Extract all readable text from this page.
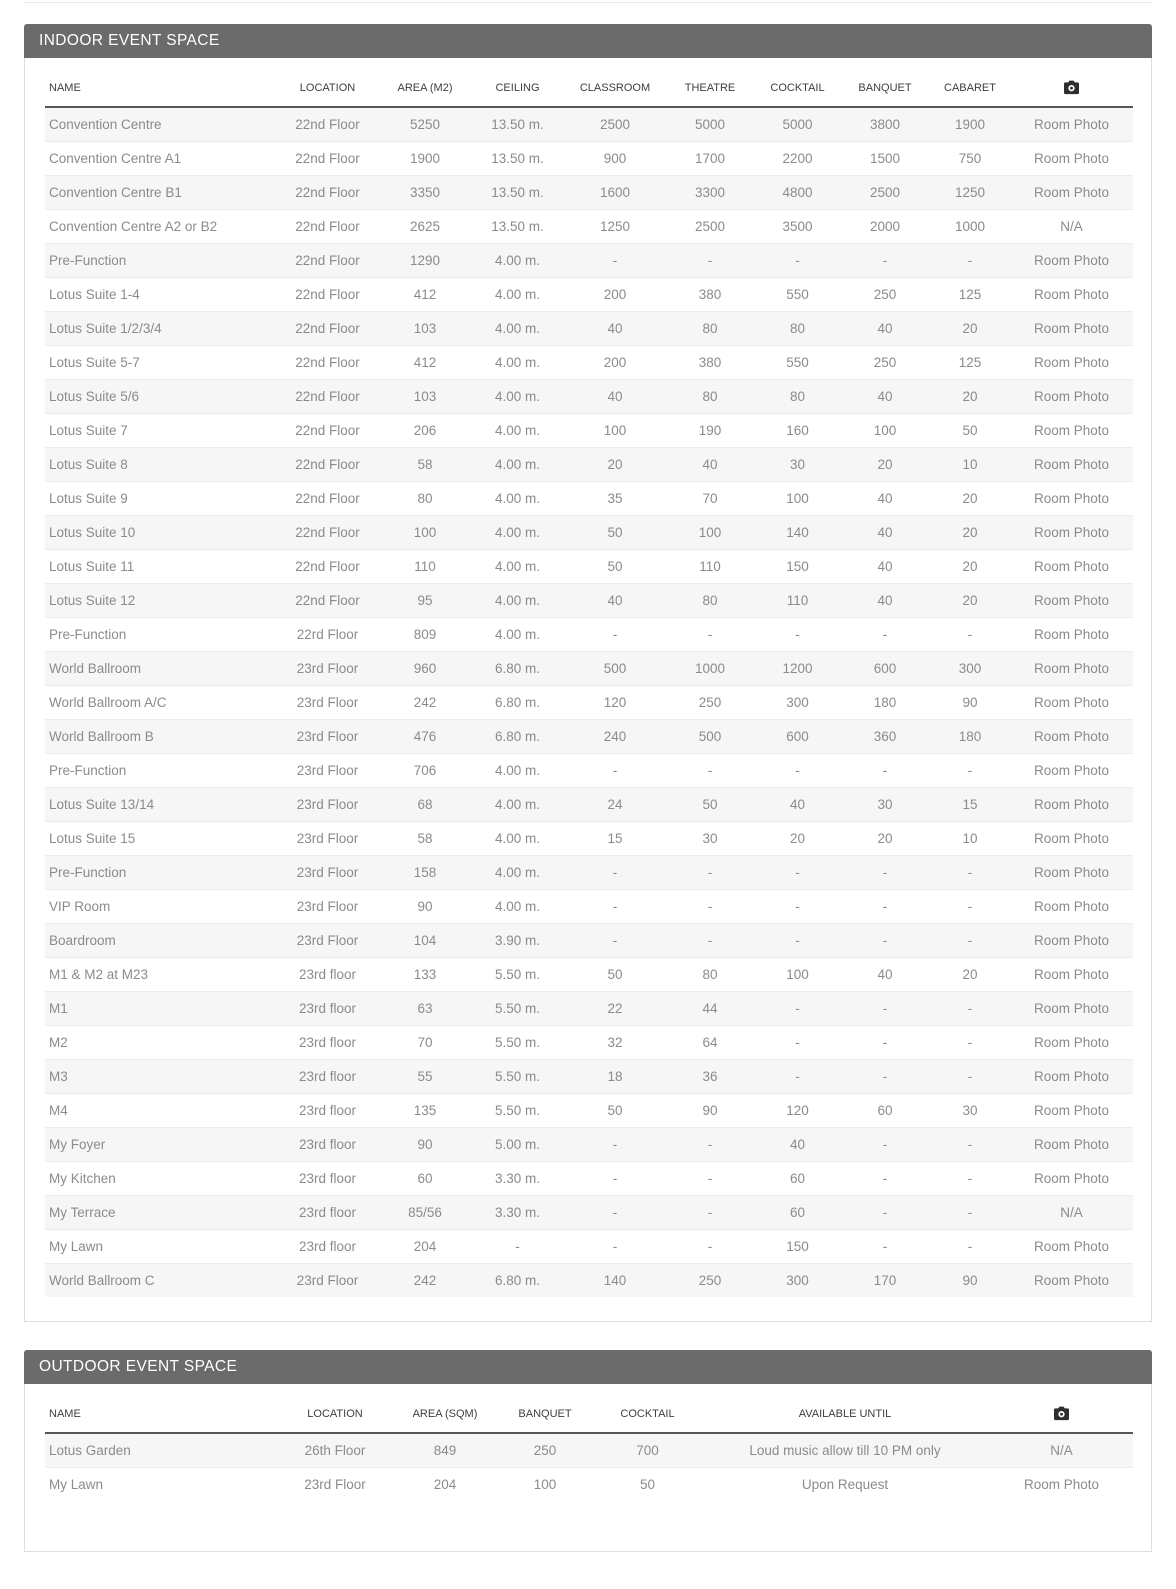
INDOOR EVENT SPACE
NAME	LOCATION	AREA (M2)	CEILING	CLASSROOM	THEATRE	COCKTAIL	BANQUET	CABARET	
Convention Centre	22nd Floor	5250	13.50 m.	2500	5000	5000	3800	1900	Room Photo
Convention Centre A1	22nd Floor	1900	13.50 m.	900	1700	2200	1500	750	Room Photo
Convention Centre B1	22nd Floor	3350	13.50 m.	1600	3300	4800	2500	1250	Room Photo
Convention Centre A2 or B2	22nd Floor	2625	13.50 m.	1250	2500	3500	2000	1000	N/A
Pre-Function	22nd Floor	1290	4.00 m.	-	-	-	-	-	Room Photo
Lotus Suite 1-4	22nd Floor	412	4.00 m.	200	380	550	250	125	Room Photo
Lotus Suite 1/2/3/4	22nd Floor	103	4.00 m.	40	80	80	40	20	Room Photo
Lotus Suite 5-7	22nd Floor	412	4.00 m.	200	380	550	250	125	Room Photo
Lotus Suite 5/6	22nd Floor	103	4.00 m.	40	80	80	40	20	Room Photo
Lotus Suite 7	22nd Floor	206	4.00 m.	100	190	160	100	50	Room Photo
Lotus Suite 8	22nd Floor	58	4.00 m.	20	40	30	20	10	Room Photo
Lotus Suite 9	22nd Floor	80	4.00 m.	35	70	100	40	20	Room Photo
Lotus Suite 10	22nd Floor	100	4.00 m.	50	100	140	40	20	Room Photo
Lotus Suite 11	22nd Floor	110	4.00 m.	50	110	150	40	20	Room Photo
Lotus Suite 12	22nd Floor	95	4.00 m.	40	80	110	40	20	Room Photo
Pre-Function	22rd Floor	809	4.00 m.	-	-	-	-	-	Room Photo
World Ballroom	23rd Floor	960	6.80 m.	500	1000	1200	600	300	Room Photo
World Ballroom A/C	23rd Floor	242	6.80 m.	120	250	300	180	90	Room Photo
World Ballroom B	23rd Floor	476	6.80 m.	240	500	600	360	180	Room Photo
Pre-Function	23rd Floor	706	4.00 m.	-	-	-	-	-	Room Photo
Lotus Suite 13/14	23rd Floor	68	4.00 m.	24	50	40	30	15	Room Photo
Lotus Suite 15	23rd Floor	58	4.00 m.	15	30	20	20	10	Room Photo
Pre-Function	23rd Floor	158	4.00 m.	-	-	-	-	-	Room Photo
VIP Room	23rd Floor	90	4.00 m.	-	-	-	-	-	Room Photo
Boardroom	23rd Floor	104	3.90 m.	-	-	-	-	-	Room Photo
M1 & M2 at M23	23rd floor	133	5.50 m.	50	80	100	40	20	Room Photo
M1	23rd floor	63	5.50 m.	22	44	-	-	-	Room Photo
M2	23rd floor	70	5.50 m.	32	64	-	-	-	Room Photo
M3	23rd floor	55	5.50 m.	18	36	-	-	-	Room Photo
M4	23rd floor	135	5.50 m.	50	90	120	60	30	Room Photo
My Foyer	23rd floor	90	5.00 m.	-	-	40	-	-	Room Photo
My Kitchen	23rd floor	60	3.30 m.	-	-	60	-	-	Room Photo
My Terrace	23rd floor	85/56	3.30 m.	-	-	60	-	-	N/A
My Lawn	23rd floor	204	-	-	-	150	-	-	Room Photo
World Ballroom C	23rd Floor	242	6.80 m.	140	250	300	170	90	Room Photo
OUTDOOR EVENT SPACE
NAME	LOCATION	AREA (SQM)	BANQUET	COCKTAIL	AVAILABLE UNTIL	
Lotus Garden	26th Floor	849	250	700	Loud music allow till 10 PM only	N/A
My Lawn	23rd Floor	204	100	50	Upon Request	Room Photo
